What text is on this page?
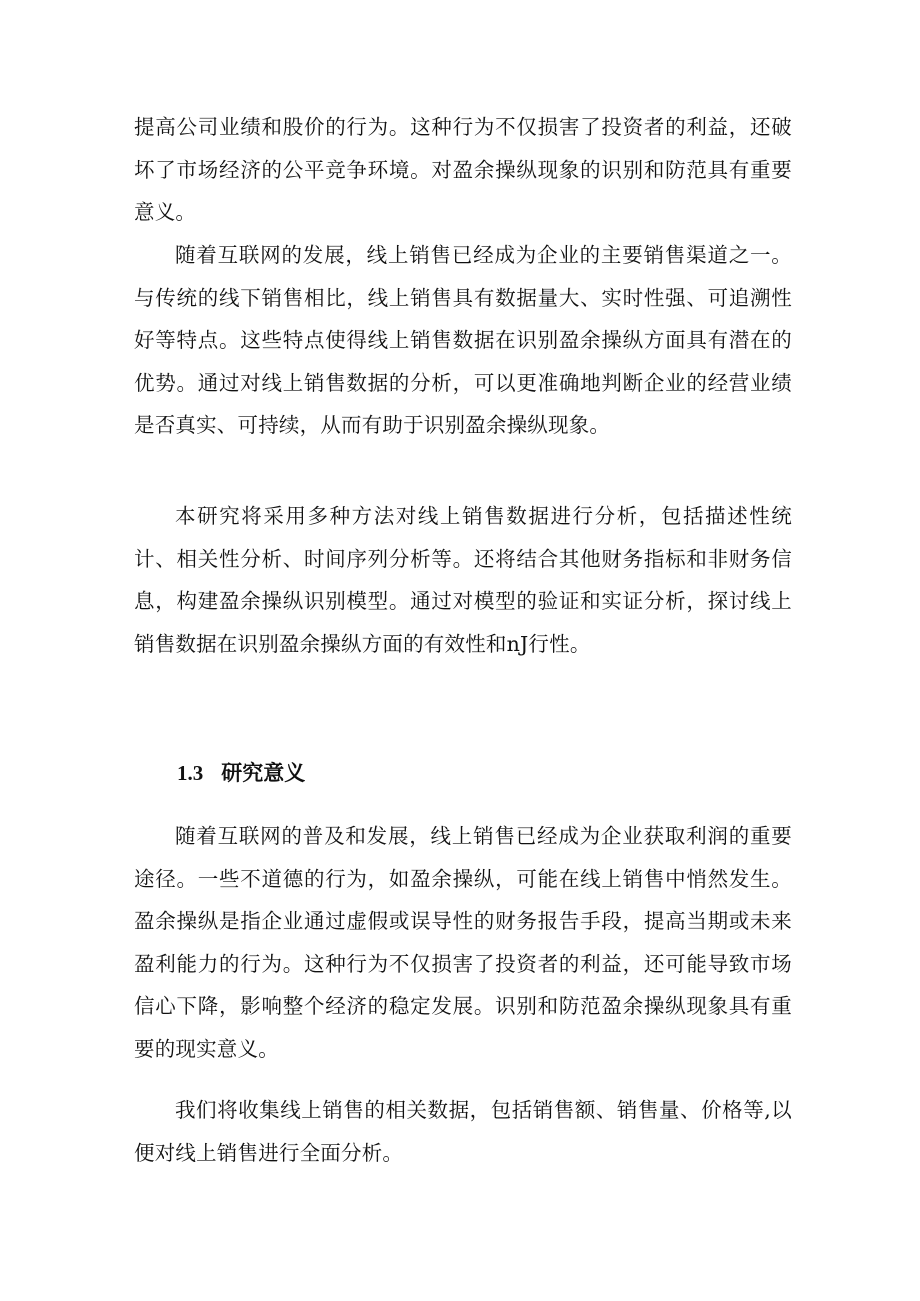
提高公司业绩和股价的行为。这种行为不仅损害了投资者的利益，还破坏了市场经济的公平竞争环境。对盈余操纵现象的识别和防范具有重要意义。

随着互联网的发展，线上销售已经成为企业的主要销售渠道之一。与传统的线下销售相比，线上销售具有数据量大、实时性强、可追溯性好等特点。这些特点使得线上销售数据在识别盈余操纵方面具有潜在的优势。通过对线上销售数据的分析，可以更准确地判断企业的经营业绩是否真实、可持续，从而有助于识别盈余操纵现象。

本研究将采用多种方法对线上销售数据进行分析，包括描述性统计、相关性分析、时间序列分析等。还将结合其他财务指标和非财务信息，构建盈余操纵识别模型。通过对模型的验证和实证分析，探讨线上销售数据在识别盈余操纵方面的有效性和nJ行性。

1.3 研究意义

随着互联网的普及和发展，线上销售已经成为企业获取利润的重要途径。一些不道德的行为，如盈余操纵，可能在线上销售中悄然发生。盈余操纵是指企业通过虚假或误导性的财务报告手段，提高当期或未来盈利能力的行为。这种行为不仅损害了投资者的利益，还可能导致市场信心下降，影响整个经济的稳定发展。识别和防范盈余操纵现象具有重要的现实意义。

我们将收集线上销售的相关数据，包括销售额、销售量、价格等,以便对线上销售进行全面分析。
